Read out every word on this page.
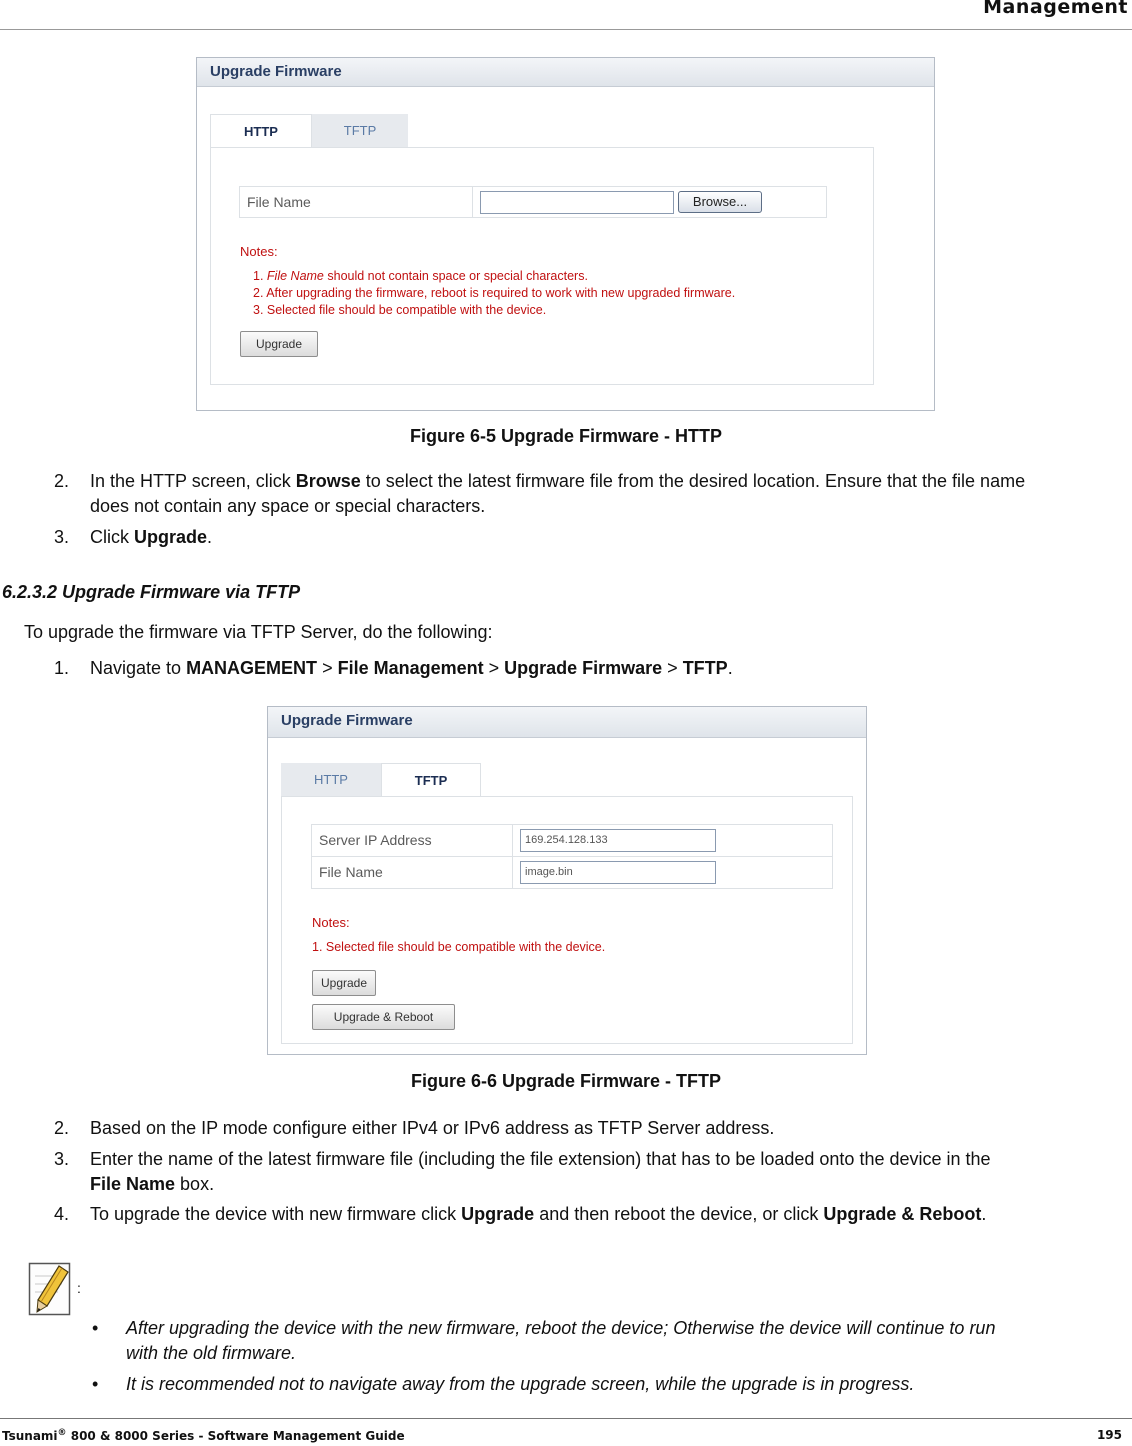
Management
Upgrade Firmware
HTTP	TFTP
File Name	Browse...
Notes:
1. File Name should not contain space or special characters.
2. After upgrading the firmware, reboot is required to work with new upgraded firmware.
3. Selected file should be compatible with the device.
Upgrade
Figure 6-5 Upgrade Firmware - HTTP
2. In the HTTP screen, click Browse to select the latest firmware file from the desired location. Ensure that the file name
does not contain any space or special characters.
3. Click Upgrade.
6.2.3.2 Upgrade Firmware via TFTP
To upgrade the firmware via TFTP Server, do the following:
1. Navigate to MANAGEMENT > File Management > Upgrade Firmware > TFTP.
Upgrade Firmware
HTTP	TFTP
Server IP Address	169.254.128.133
File Name	image.bin
Notes:
1. Selected file should be compatible with the device.
Upgrade
Upgrade & Reboot
Figure 6-6 Upgrade Firmware - TFTP
2. Based on the IP mode configure either IPv4 or IPv6 address as TFTP Server address.
3. Enter the name of the latest firmware file (including the file extension) that has to be loaded onto the device in the
File Name box.
4. To upgrade the device with new firmware click Upgrade and then reboot the device, or click Upgrade & Reboot.
:
• After upgrading the device with the new firmware, reboot the device; Otherwise the device will continue to run
with the old firmware.
• It is recommended not to navigate away from the upgrade screen, while the upgrade is in progress.
Tsunami® 800 & 8000 Series - Software Management Guide	195
